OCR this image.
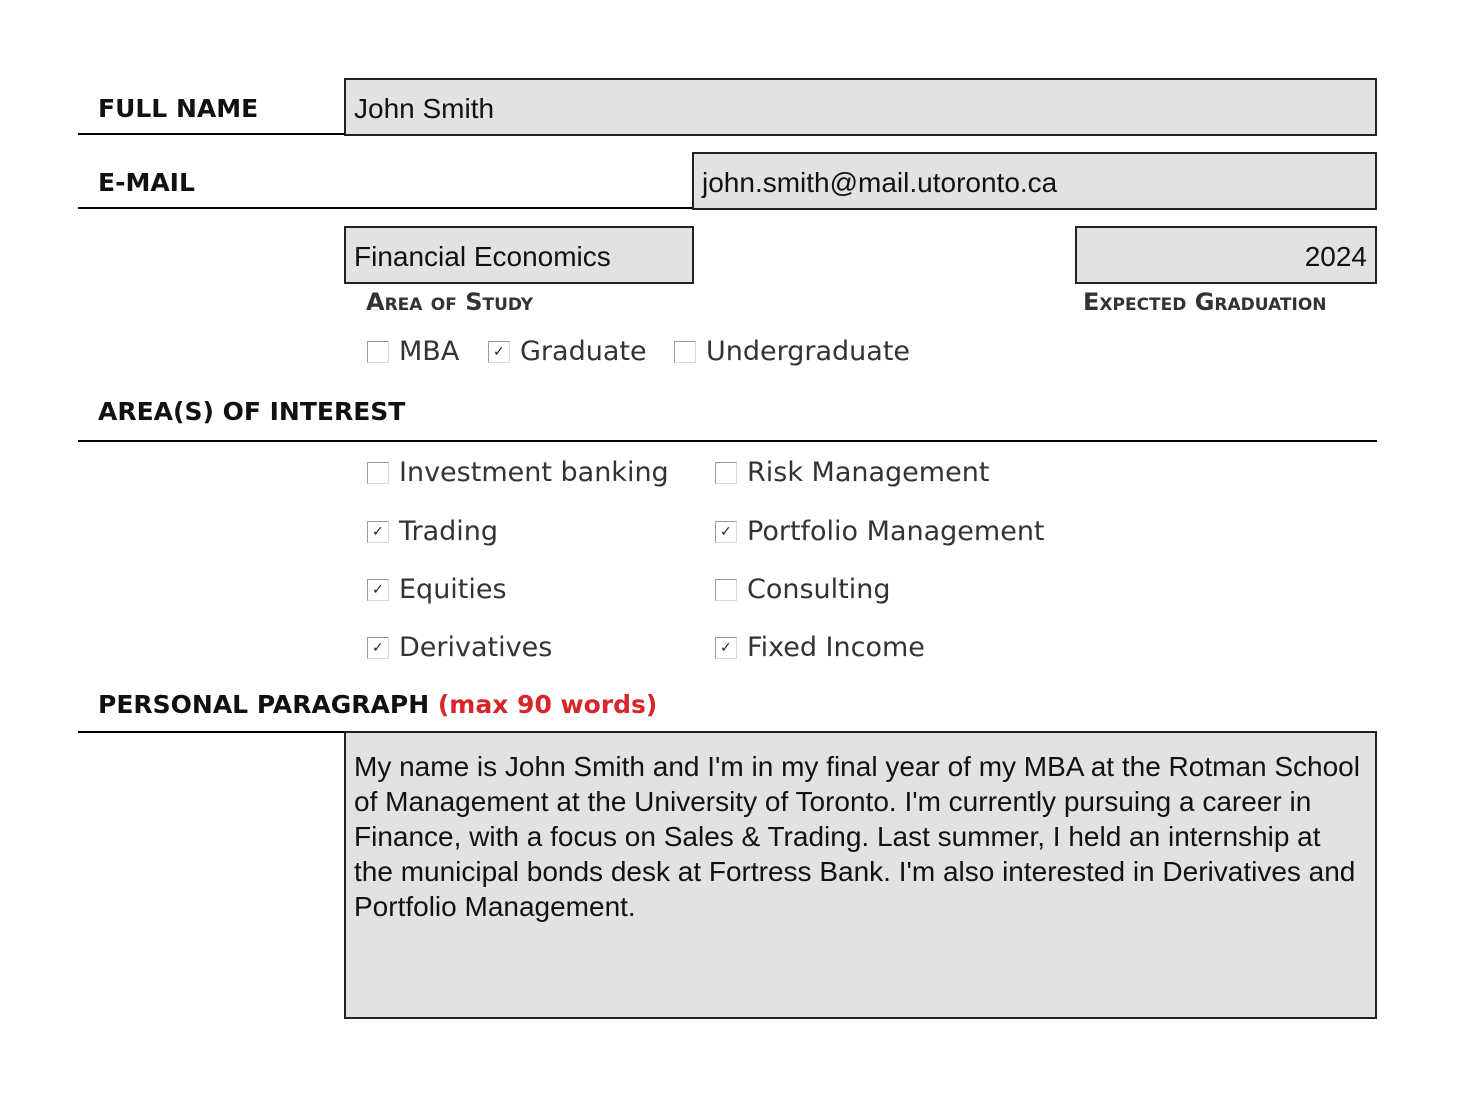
FULL NAME	John Smith
E-MAIL	john.smith@mail.utoronto.ca
Financial Economics
Area of Study
2024
Expected Graduation
MBA ✓ Graduate Undergraduate
AREA(S) OF INTEREST
Investment banking
✓ Trading
✓ Equities
✓ Derivatives
Risk Management
✓ Portfolio Management
Consulting
✓ Fixed Income
PERSONAL PARAGRAPH (max 90 words)
My name is John Smith and I'm in my final year of my MBA at the Rotman School of Management at the University of Toronto. I'm currently pursuing a career in Finance, with a focus on Sales & Trading. Last summer, I held an internship at the municipal bonds desk at Fortress Bank. I'm also interested in Derivatives and Portfolio Management.
